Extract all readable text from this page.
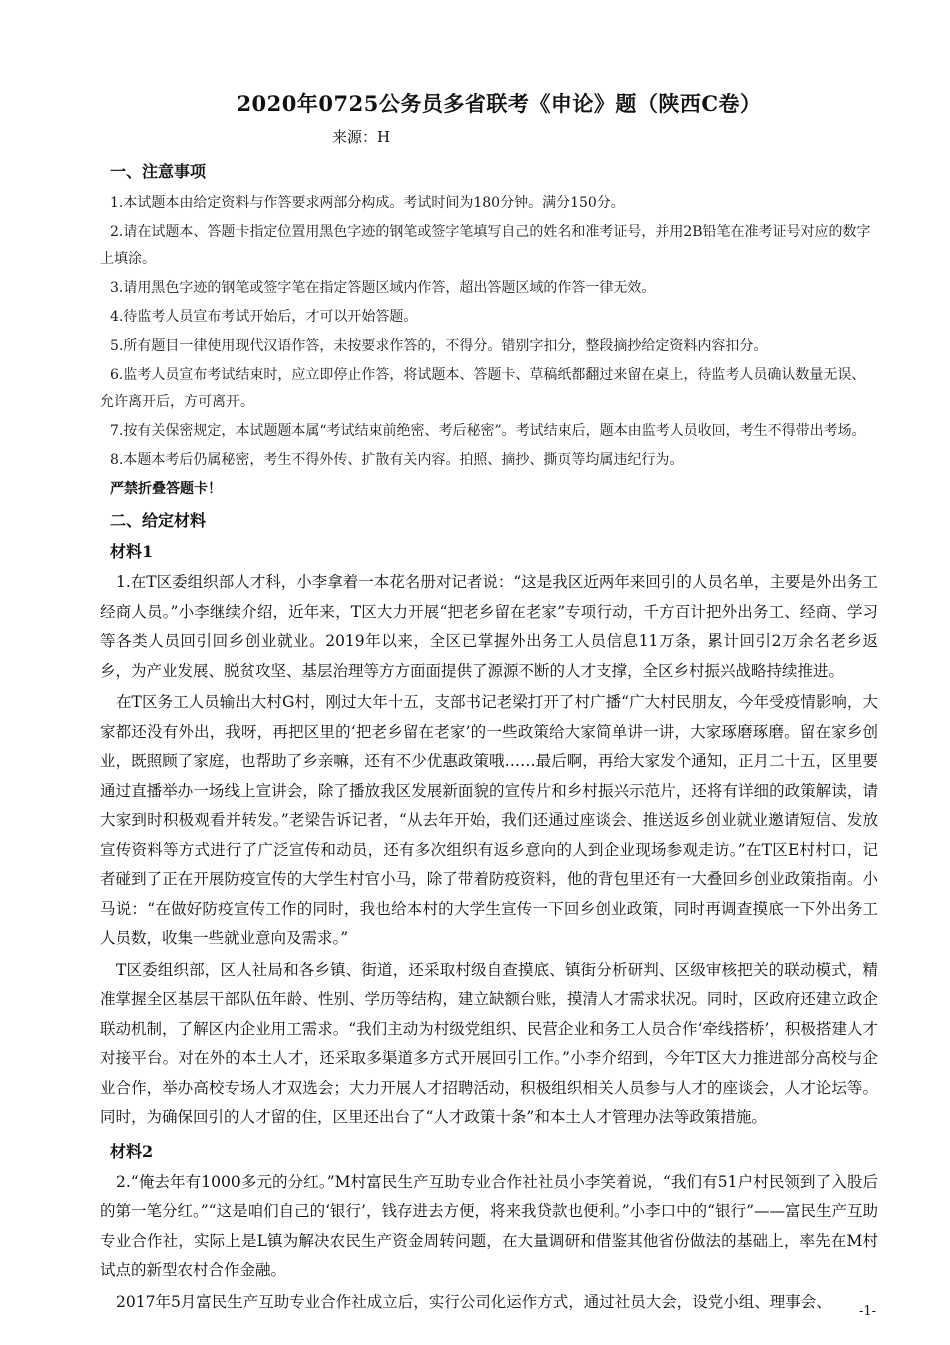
2020年0725公务员多省联考《申论》题（陕西C卷）
来源：H
一、注意事项

1.本试题本由给定资料与作答要求两部分构成。考试时间为180分钟。满分150分。

2.请在试题本、答题卡指定位置用黑色字迹的钢笔或签字笔填写自己的姓名和准考证号，并用2B铅笔在准考证号对应的数字上填涂。

3.请用黑色字迹的钢笔或签字笔在指定答题区域内作答，超出答题区域的作答一律无效。

4.待监考人员宣布考试开始后，才可以开始答题。

5.所有题目一律使用现代汉语作答，未按要求作答的，不得分。错别字扣分，整段摘抄给定资料内容扣分。

6.监考人员宣布考试结束时，应立即停止作答，将试题本、答题卡、草稿纸都翻过来留在桌上，待监考人员确认数量无误、允许离开后，方可离开。

7.按有关保密规定，本试题题本属“考试结束前绝密、考后秘密”。考试结束后，题本由监考人员收回，考生不得带出考场。

8.本题本考后仍属秘密，考生不得外传、扩散有关内容。拍照、摘抄、撕页等均属违纪行为。

严禁折叠答题卡！
二、给定材料
材料1

1.在T区委组织部人才科，小李拿着一本花名册对记者说：“这是我区近两年来回引的人员名单，主要是外出务工经商人员。”小李继续介绍，近年来，T区大力开展“把老乡留在老家”专项行动，千方百计把外出务工、经商、学习等各类人员回引回乡创业就业。2019年以来，全区已掌握外出务工人员信息11万条，累计回引2万余名老乡返乡，为产业发展、脱贫攻坚、基层治理等方方面面提供了源源不断的人才支撑，全区乡村振兴战略持续推进。

在T区务工人员输出大村G村，刚过大年十五，支部书记老梁打开了村广播“广大村民朋友，今年受疫情影响，大家都还没有外出，我呀，再把区里的‘把老乡留在老家’的一些政策给大家简单讲一讲，大家琢磨琢磨。留在家乡创业，既照顾了家庭，也帮助了乡亲嘛，还有不少优惠政策哦……最后啊，再给大家发个通知，正月二十五，区里要通过直播举办一场线上宣讲会，除了播放我区发展新面貌的宣传片和乡村振兴示范片，还将有详细的政策解读，请大家到时积极观看并转发。”老梁告诉记者，“从去年开始，我们还通过座谈会、推送返乡创业就业邀请短信、发放宣传资料等方式进行了广泛宣传和动员，还有多次组织有返乡意向的人到企业现场参观走访。”在T区E村村口，记者碰到了正在开展防疫宣传的大学生村官小马，除了带着防疫资料，他的背包里还有一大叠回乡创业政策指南。小马说：“在做好防疫宣传工作的同时，我也给本村的大学生宣传一下回乡创业政策，同时再调查摸底一下外出务工人员数，收集一些就业意向及需求。”

T区委组织部，区人社局和各乡镇、街道，还采取村级自查摸底、镇街分析研判、区级审核把关的联动模式，精准掌握全区基层干部队伍年龄、性别、学历等结构，建立缺额台账，摸清人才需求状况。同时，区政府还建立政企联动机制，了解区内企业用工需求。“我们主动为村级党组织、民营企业和务工人员合作‘牵线搭桥’，积极搭建人才对接平台。对在外的本土人才，还采取多渠道多方式开展回引工作。”小李介绍到，今年T区大力推进部分高校与企业合作，举办高校专场人才双选会；大力开展人才招聘活动，积极组织相关人员参与人才的座谈会，人才论坛等。同时，为确保回引的人才留的住，区里还出台了“人才政策十条”和本土人才管理办法等政策措施。

材料2

2.“俺去年有1000多元的分红。”M村富民生产互助专业合作社社员小李笑着说，“我们有51户村民领到了入股后的第一笔分红。”“这是咱们自己的‘银行’，钱存进去方便，将来我贷款也便利。”小李口中的“银行”——富民生产互助专业合作社，实际上是L镇为解决农民生产资金周转问题，在大量调研和借鉴其他省份做法的基础上，率先在M村试点的新型农村合作金融。

2017年5月富民生产互助专业合作社成立后，实行公司化运作方式，通过社员大会，设党小组、理事会、

-1-
